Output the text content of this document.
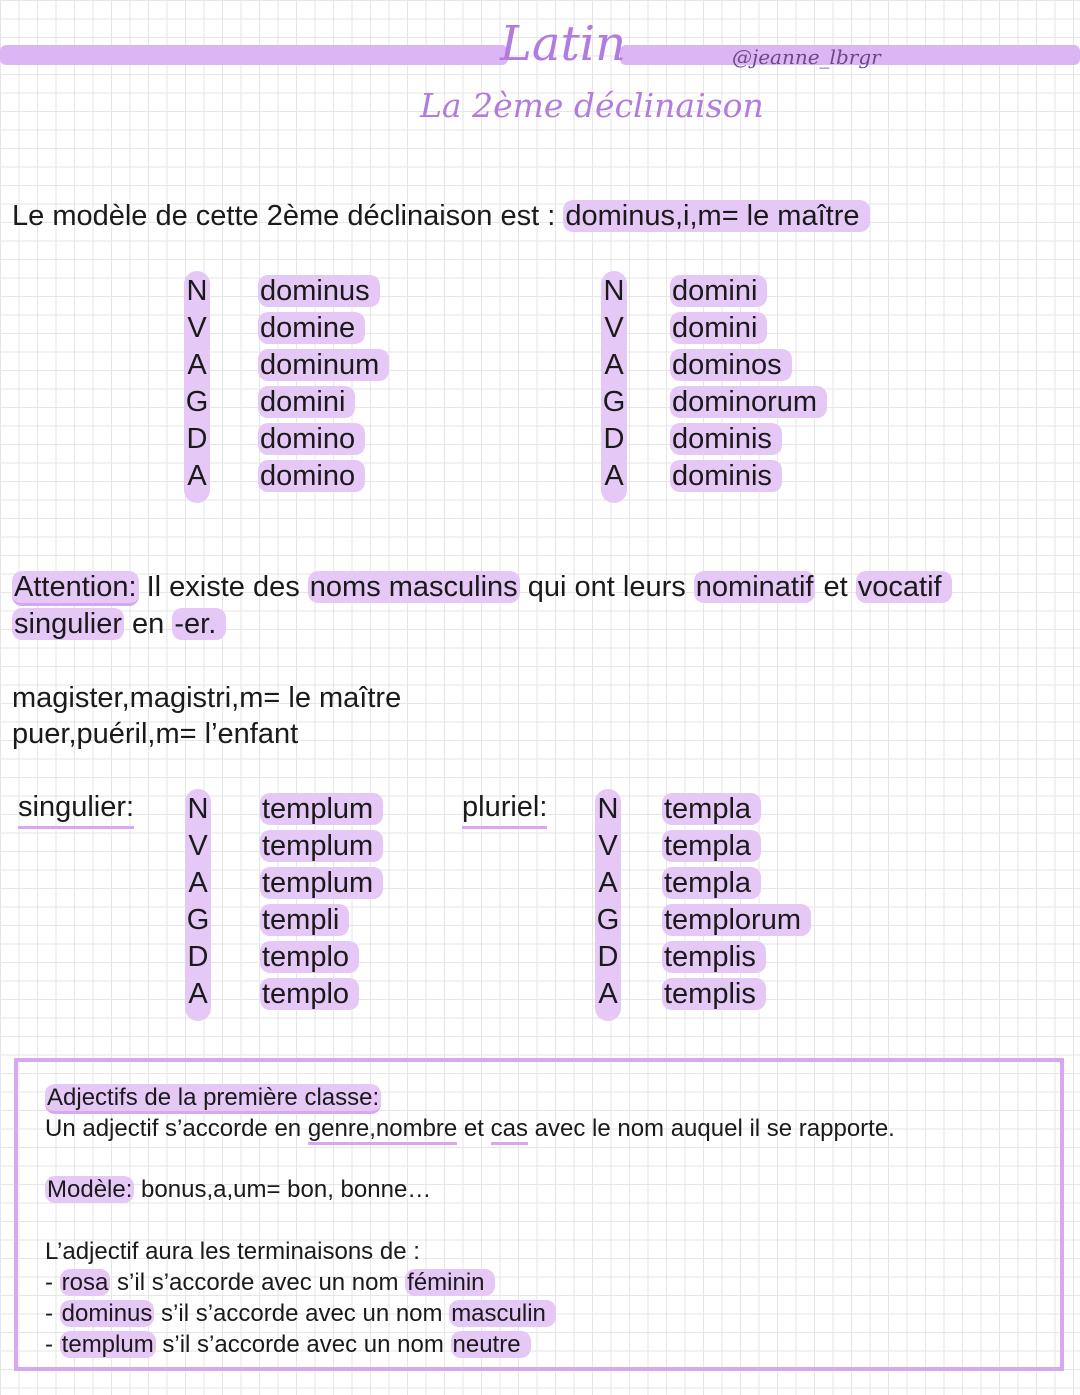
Latin	@jeanne_lbrgr
La 2ème déclinaison
Le modèle de cette 2ème déclinaison est : dominus,i,m= le maître
N
V
A
G
D
A
dominus
domine
dominum
domini
domino
domino
N
V
A
G
D
A
domini
domini
dominos
dominorum
dominis
dominis
Attention: Il existe des noms masculins qui ont leurs nominatif et vocatif
singulier en -er.
magister,magistri,m= le maître
puer,puéril,m= l’enfant
singulier: N
V
A
G
D
A
templum
templum
templum
templi
templo
templo
pluriel: N
V
A
G
D
A
templa
templa
templa
templorum
templis
templis
Adjectifs de la première classe:
Un adjectif s’accorde en genre,nombre et cas avec le nom auquel il se rapporte.
Modèle: bonus,a,um= bon, bonne…
L’adjectif aura les terminaisons de :
- rosa s’il s’accorde avec un nom féminin
- dominus s’il s’accorde avec un nom masculin
- templum s’il s’accorde avec un nom neutre
